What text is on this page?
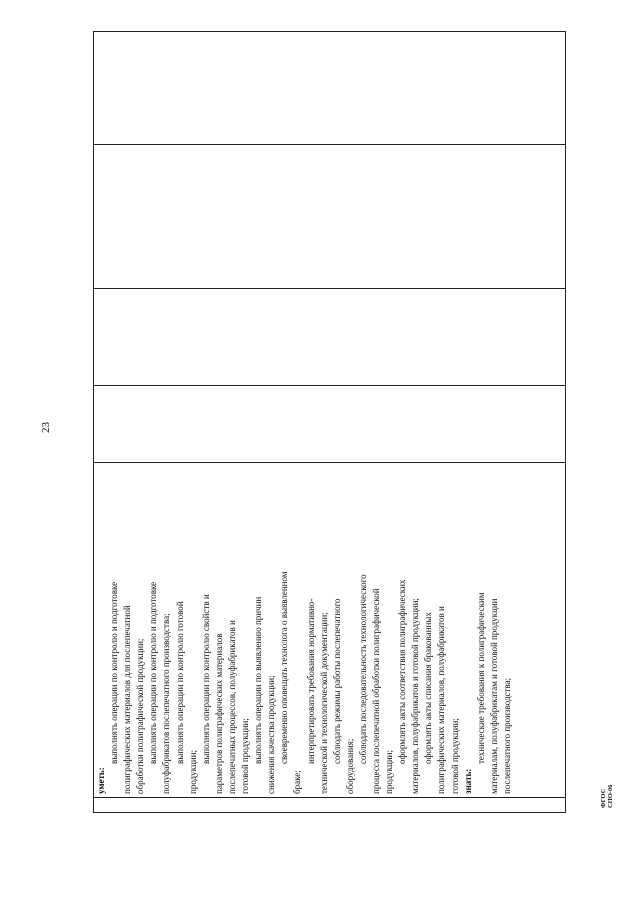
23
уметь:
выполнять операции по контролю и подготовке полиграфических материалов для послепечатной обработки полиграфической продукции; выполнять операции по контролю и подготовке полуфабрикатов послепечатного производства; выполнять операции по контролю готовой
продукции;
выполнять операции по контролю свойств и параметров полиграфических материалов послепечатных процессов, полуфабрикатов и готовой продукции; выполнять операции по выявлению причин снижения качества продукции; своевременно оповещать технолога о выявленном
браке;
интерпретировать требования нормативно- технической и технологической документации; соблюдать режимы работы послепечатного
оборудования;
соблюдать последовательность технологического процесса послепечатной обработки полиграфической продукции;
оформлять акты соответствия полиграфических материалов, полуфабрикатов и готовой продукции; оформлять акты списания бракованных полиграфических материалов, полуфабрикатов и готовой продукции; знать:
технические требования к полиграфическим материалам, полуфабрикатам и готовой продукции послепечатного производства;
ФГОС СПО-06
